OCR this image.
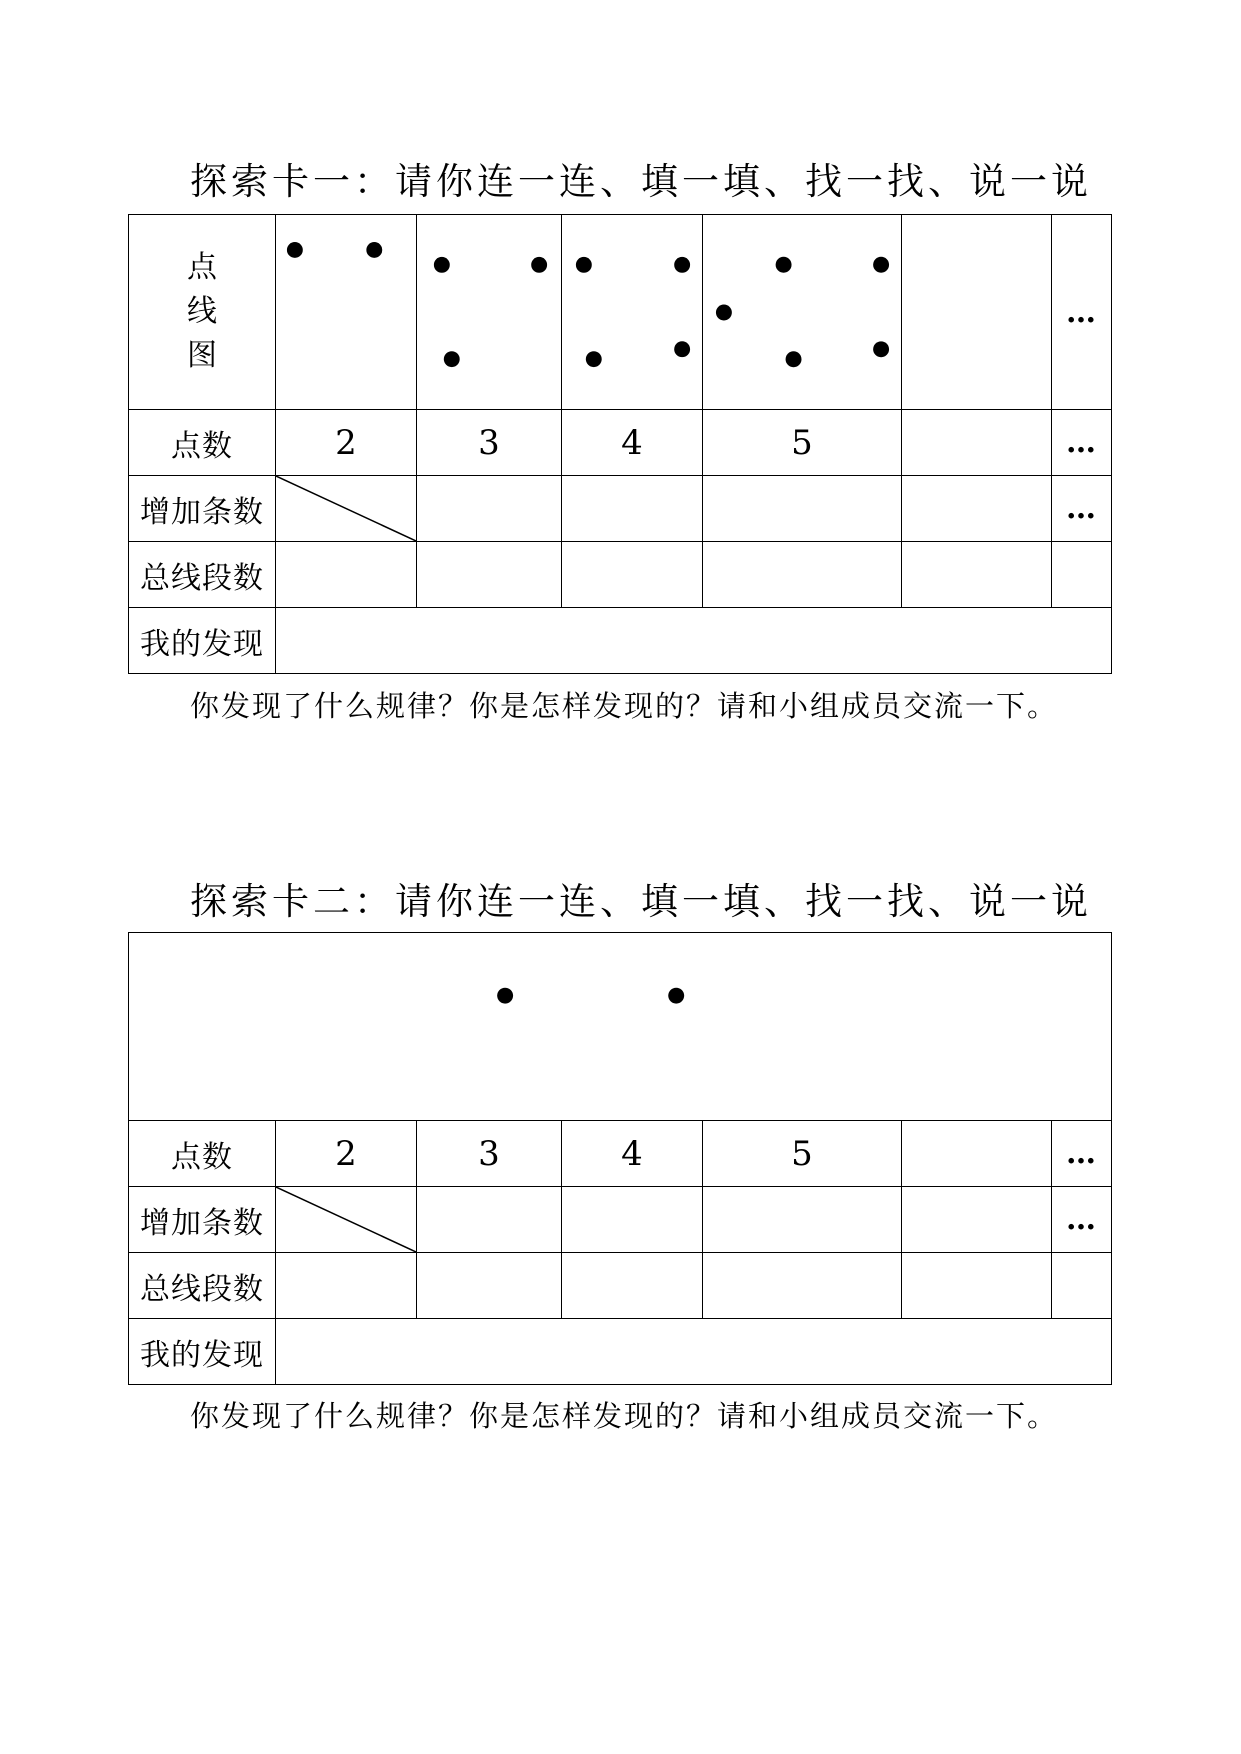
探索卡一：请你连一连、填一填、找一找、说一说
点
线
图						…
点数	2	3	4	5		…
增加条数						…
总线段数						
我的发现						

你发现了什么规律？你是怎样发现的？请和小组成员交流一下。

探索卡二：请你连一连、填一填、找一找、说一说

点数	2	3	4	5		…
增加条数						…
总线段数						
我的发现						

你发现了什么规律？你是怎样发现的？请和小组成员交流一下。
